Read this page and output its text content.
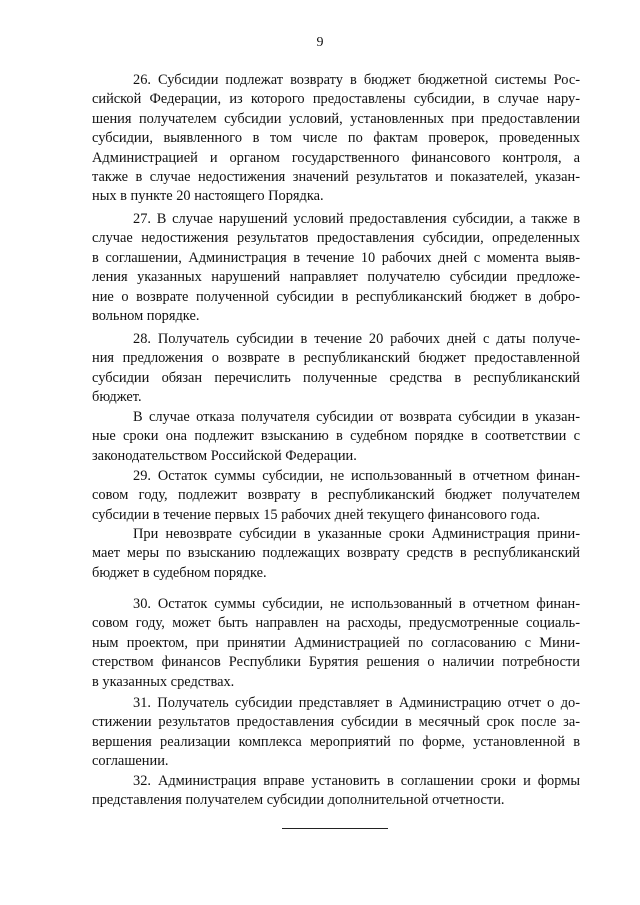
9
26. Субсидии подлежат возврату в бюджет бюджетной системы Рос-
сийской Федерации, из которого предоставлены субсидии, в случае нару-
шения получателем субсидии условий, установленных при предоставлении
субсидии, выявленного в том числе по фактам проверок, проведенных
Администрацией и органом государственного финансового контроля, а
также в случае недостижения значений результатов и показателей, указан-
ных в пункте 20 настоящего Порядка.
27. В случае нарушений условий предоставления субсидии, а также в
случае недостижения результатов предоставления субсидии, определенных
в соглашении, Администрация в течение 10 рабочих дней с момента выяв-
ления указанных нарушений направляет получателю субсидии предложе-
ние о возврате полученной субсидии в республиканский бюджет в добро-
вольном порядке.
28. Получатель субсидии в течение 20 рабочих дней с даты получе-
ния предложения о возврате в республиканский бюджет предоставленной
субсидии обязан перечислить полученные средства в республиканский
бюджет.
В случае отказа получателя субсидии от возврата субсидии в указан-
ные сроки она подлежит взысканию в судебном порядке в соответствии с
законодательством Российской Федерации.
29. Остаток суммы субсидии, не использованный в отчетном финан-
совом году, подлежит возврату в республиканский бюджет получателем
субсидии в течение первых 15 рабочих дней текущего финансового года.
При невозврате субсидии в указанные сроки Администрация прини-
мает меры по взысканию подлежащих возврату средств в республиканский
бюджет в судебном порядке.
30. Остаток суммы субсидии, не использованный в отчетном финан-
совом году, может быть направлен на расходы, предусмотренные социаль-
ным проектом, при принятии Администрацией по согласованию с Мини-
стерством финансов Республики Бурятия решения о наличии потребности
в указанных средствах.
31. Получатель субсидии представляет в Администрацию отчет о до-
стижении результатов предоставления субсидии в месячный срок после за-
вершения реализации комплекса мероприятий по форме, установленной в
соглашении.
32. Администрация вправе установить в соглашении сроки и формы
представления получателем субсидии дополнительной отчетности.
